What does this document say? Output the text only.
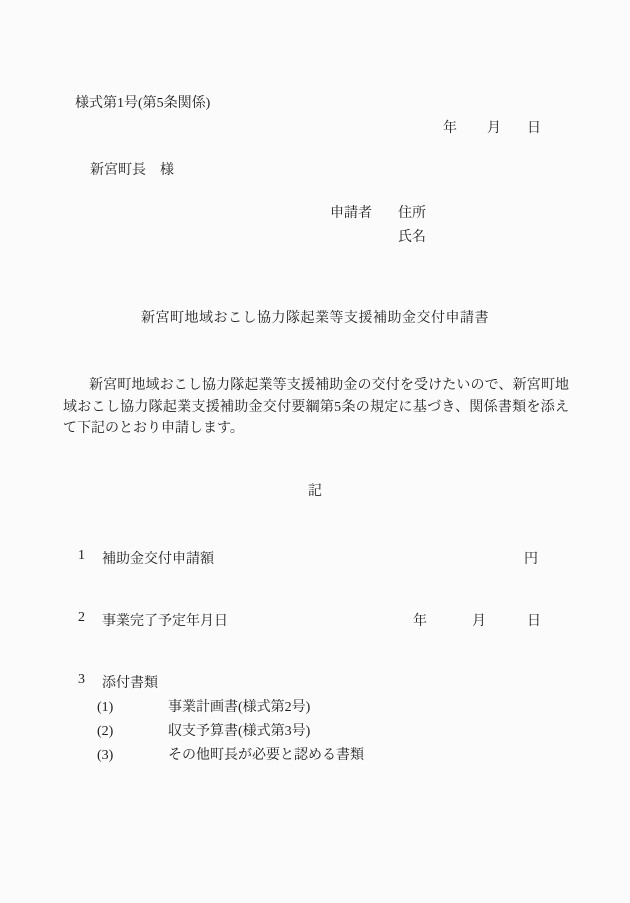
様式第1号(第5条関係)
年 月 日
新宮町長　様
申請者 住所
氏名
新宮町地域おこし協力隊起業等支援補助金交付申請書

新宮町地域おこし協力隊起業等支援補助金の交付を受けたいので、新宮町地域おこし協力隊起業支援補助金交付要綱第5条の規定に基づき、関係書類を添えて下記のとおり申請します。

記
1 補助金交付申請額	円
2 事業完了予定年月日	年	月	日
3 添付書類
(1)	事業計画書(様式第2号)
(2)	収支予算書(様式第3号)
(3)	その他町長が必要と認める書類
